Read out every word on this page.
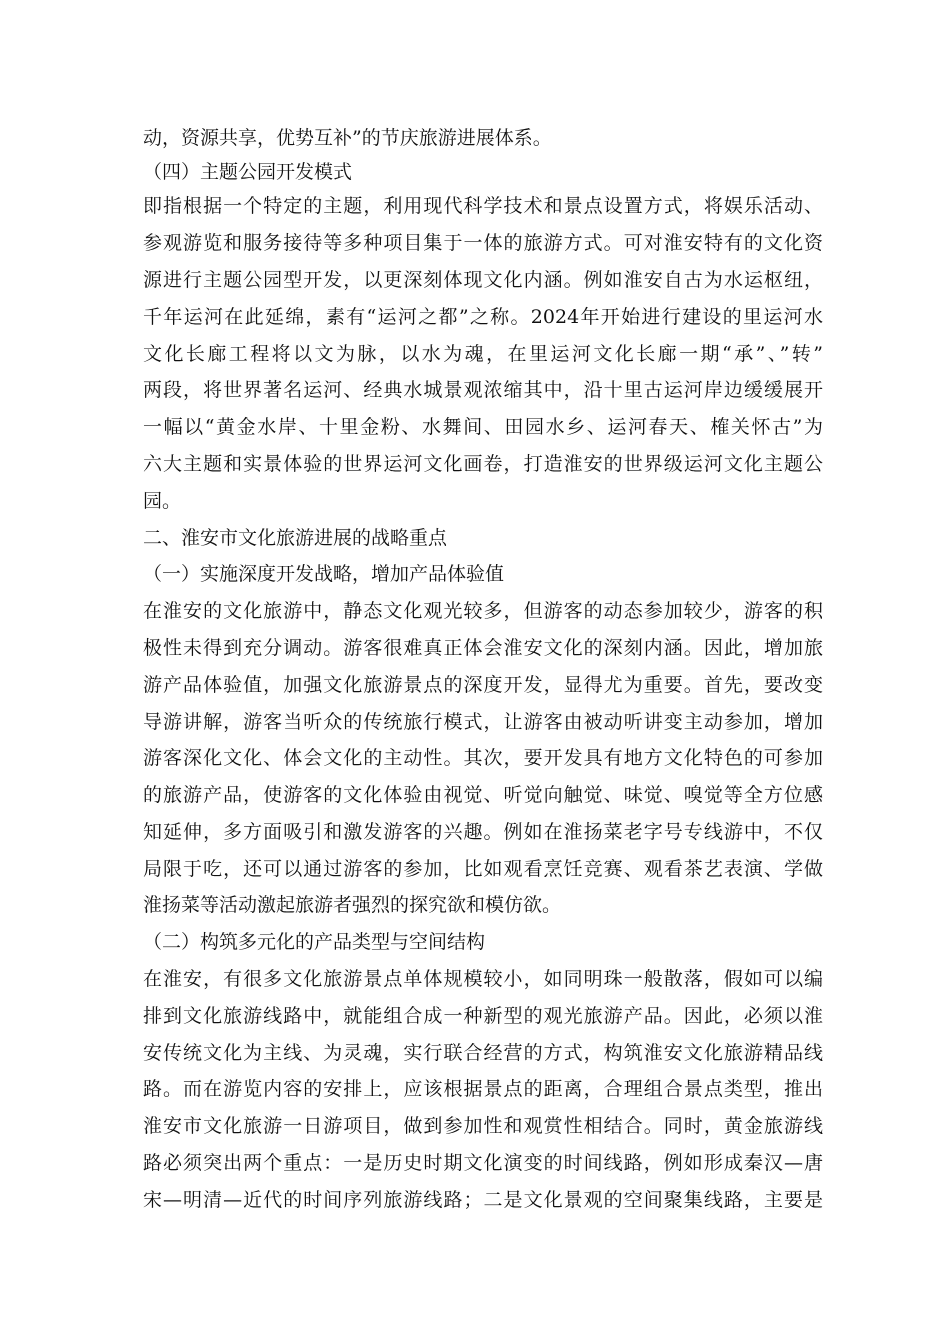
动，资源共享，优势互补”的节庆旅游进展体系。
（四）主题公园开发模式
即指根据一个特定的主题，利用现代科学技术和景点设置方式，将娱乐活动、
参观游览和服务接待等多种项目集于一体的旅游方式。可对淮安特有的文化资
源进行主题公园型开发，以更深刻体现文化内涵。例如淮安自古为水运枢纽，
千年运河在此延绵，素有“运河之都”之称。2024年开始进行建设的里运河水
文化长廊工程将以文为脉，以水为魂，在里运河文化长廊一期“承”、”转”
两段，将世界著名运河、经典水城景观浓缩其中，沿十里古运河岸边缓缓展开
一幅以“黄金水岸、十里金粉、水舞间、田园水乡、运河春天、榷关怀古”为
六大主题和实景体验的世界运河文化画卷，打造淮安的世界级运河文化主题公
园。
二、淮安市文化旅游进展的战略重点
（一）实施深度开发战略，增加产品体验值
在淮安的文化旅游中，静态文化观光较多，但游客的动态参加较少，游客的积
极性未得到充分调动。游客很难真正体会淮安文化的深刻内涵。因此，增加旅
游产品体验值，加强文化旅游景点的深度开发，显得尤为重要。首先，要改变
导游讲解，游客当听众的传统旅行模式，让游客由被动听讲变主动参加，增加
游客深化文化、体会文化的主动性。其次，要开发具有地方文化特色的可参加
的旅游产品，使游客的文化体验由视觉、听觉向触觉、味觉、嗅觉等全方位感
知延伸，多方面吸引和激发游客的兴趣。例如在淮扬菜老字号专线游中，不仅
局限于吃，还可以通过游客的参加，比如观看烹饪竞赛、观看茶艺表演、学做
淮扬菜等活动激起旅游者强烈的探究欲和模仿欲。
（二）构筑多元化的产品类型与空间结构
在淮安，有很多文化旅游景点单体规模较小，如同明珠一般散落，假如可以编
排到文化旅游线路中，就能组合成一种新型的观光旅游产品。因此，必须以淮
安传统文化为主线、为灵魂，实行联合经营的方式，构筑淮安文化旅游精品线
路。而在游览内容的安排上，应该根据景点的距离，合理组合景点类型，推出
淮安市文化旅游一日游项目，做到参加性和观赏性相结合。同时，黄金旅游线
路必须突出两个重点：一是历史时期文化演变的时间线路，例如形成秦汉—唐
宋—明清—近代的时间序列旅游线路；二是文化景观的空间聚集线路，主要是
